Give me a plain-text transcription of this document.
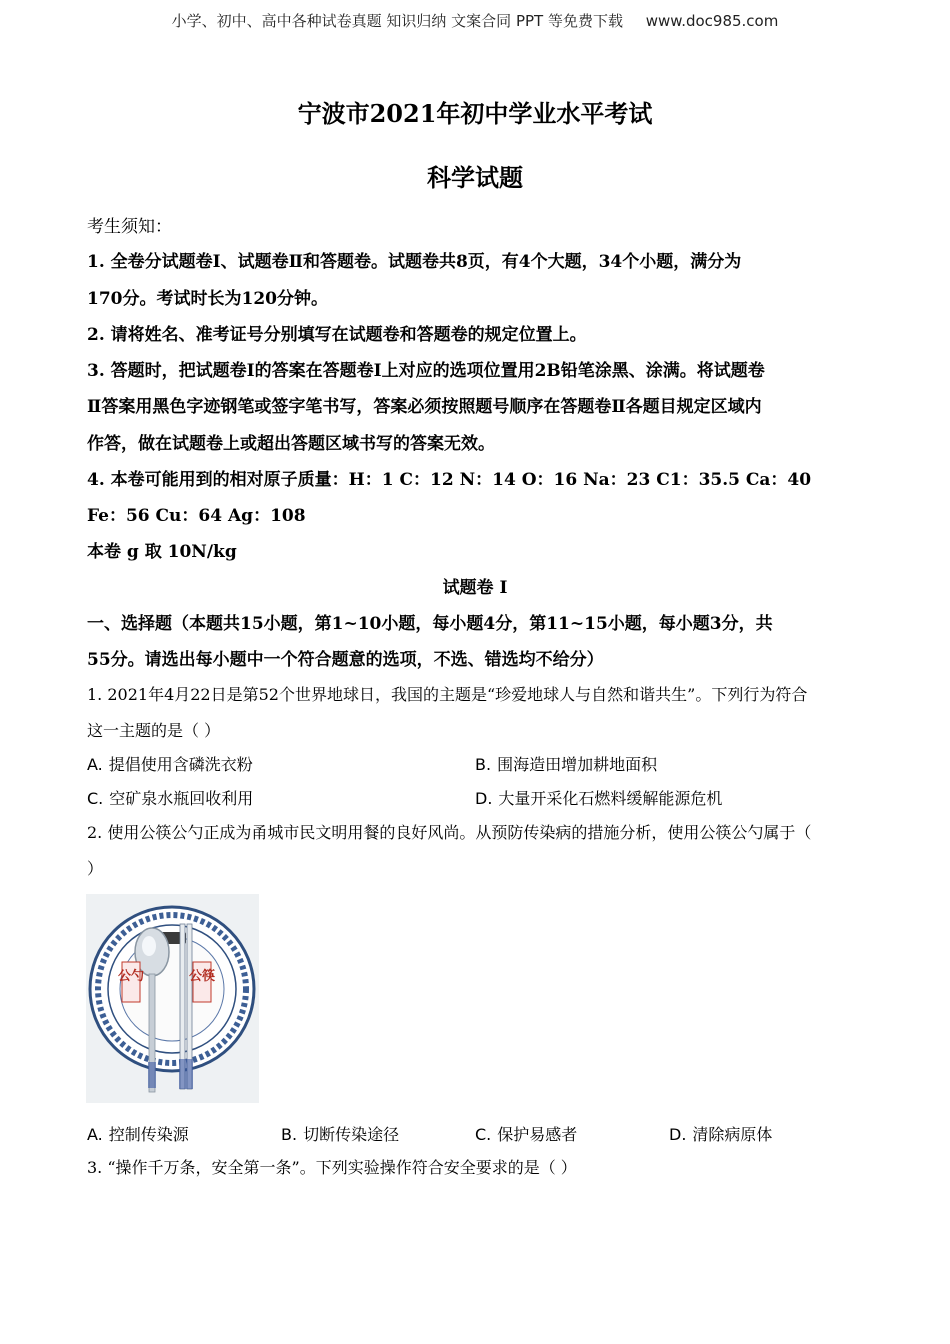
小学、初中、高中各种试卷真题 知识归纳 文案合同 PPT 等免费下载 www.doc985.com
宁波市2021年初中学业水平考试
科学试题
考生须知：
1. 全卷分试题卷Ⅰ、试题卷Ⅱ和答题卷。试题卷共8页，有4个大题，34个小题，满分为
170分。考试时长为120分钟。
2. 请将姓名、准考证号分别填写在试题卷和答题卷的规定位置上。
3. 答题时，把试题卷Ⅰ的答案在答题卷Ⅰ上对应的选项位置用2B铅笔涂黑、涂满。将试题卷
Ⅱ答案用黑色字迹钢笔或签字笔书写，答案必须按照题号顺序在答题卷Ⅱ各题目规定区域内
作答，做在试题卷上或超出答题区域书写的答案无效。
4. 本卷可能用到的相对原子质量：H：1 C：12 N：14 O：16 Na：23 C1：35.5 Ca：40
Fe：56 Cu：64 Ag：108
本卷 g 取 10N/kg
试题卷 I
一、选择题（本题共15小题，第1~10小题，每小题4分，第11~15小题，每小题3分，共
55分。请选出每小题中一个符合题意的选项，不选、错选均不给分）
1. 2021年4月22日是第52个世界地球日，我国的主题是“珍爱地球人与自然和谐共生”。下列行为符合
这一主题的是（ ）
A. 提倡使用含磷洗衣粉	B. 围海造田增加耕地面积
C. 空矿泉水瓶回收利用	D. 大量开采化石燃料缓解能源危机
2. 使用公筷公勺正成为甬城市民文明用餐的良好风尚。从预防传染病的措施分析，使用公筷公勺属于（
）
公勺	公筷
A. 控制传染源	B. 切断传染途径	C. 保护易感者	D. 清除病原体
3. “操作千万条，安全第一条”。下列实验操作符合安全要求的是（ ）
